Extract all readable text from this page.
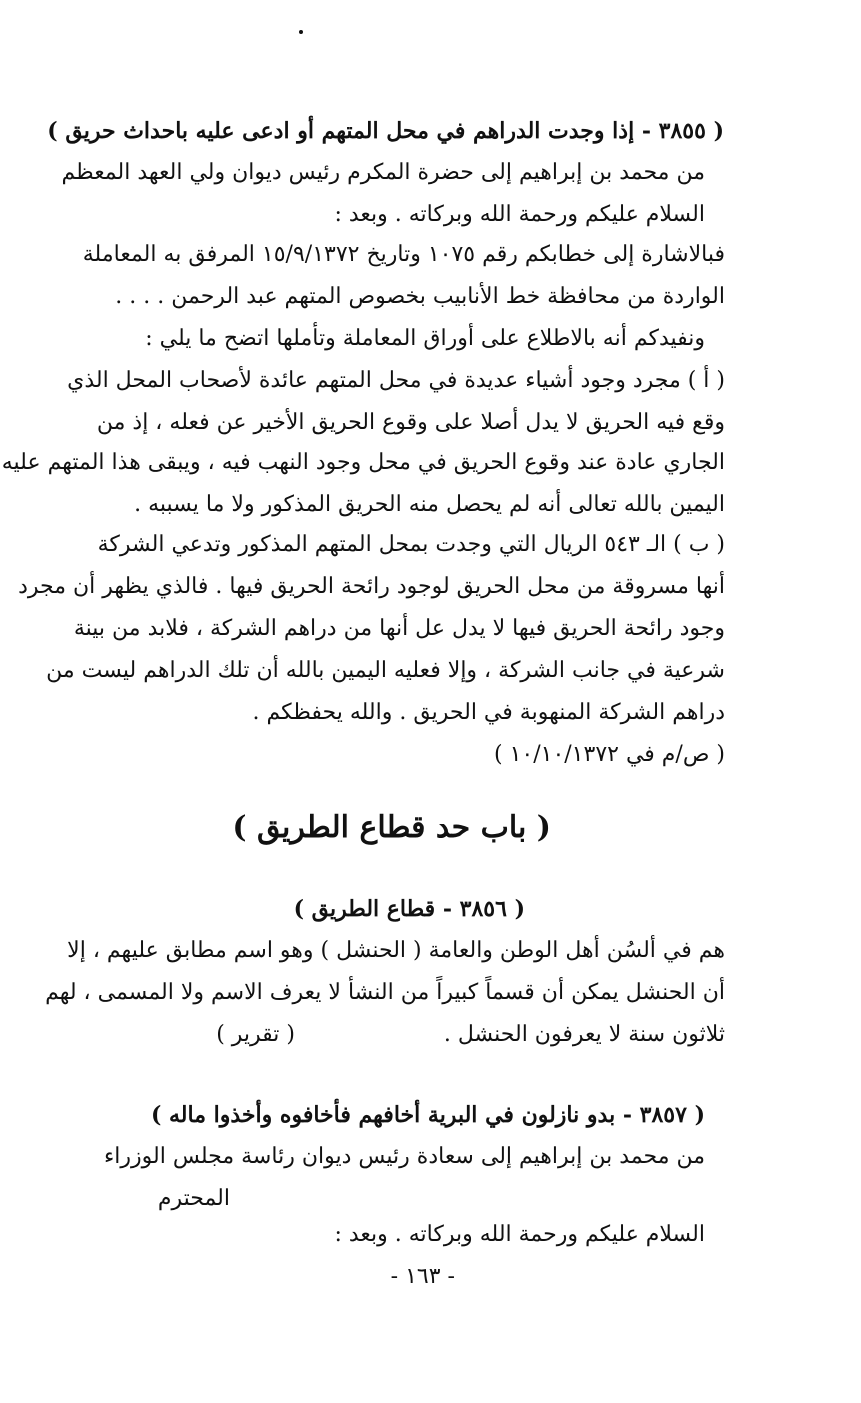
( ٣٨٥٥ - إذا وجدت الدراهم في محل المتهم أو ادعى عليه باحداث حريق )
من محمد بن إبراهيم إلى حضرة المكرم رئيس ديوان ولي العهد المعظم
السلام عليكم ورحمة الله وبركاته . وبعد :
فبالاشارة إلى خطابكم رقم ١٠٧٥ وتاريخ ١٥/٩/١٣٧٢ المرفق به المعاملة
الواردة من محافظة خط الأنابيب بخصوص المتهم عبد الرحمن . . . .
ونفيدكم أنه بالاطلاع على أوراق المعاملة وتأملها اتضح ما يلي :
( أ ) مجرد وجود أشياء عديدة في محل المتهم عائدة لأصحاب المحل الذي
وقع فيه الحريق لا يدل أصلا على وقوع الحريق الأخير عن فعله ، إذ من
الجاري عادة عند وقوع الحريق في محل وجود النهب فيه ، ويبقى هذا المتهم عليه
اليمين بالله تعالى أنه لم يحصل منه الحريق المذكور ولا ما يسببه .
( ب ) الـ ٥٤٣ الريال التي وجدت بمحل المتهم المذكور وتدعي الشركة
أنها مسروقة من محل الحريق لوجود رائحة الحريق فيها . فالذي يظهر أن مجرد
وجود رائحة الحريق فيها لا يدل عل أنها من دراهم الشركة ، فلابد من بينة
شرعية في جانب الشركة ، وإلا فعليه اليمين بالله أن تلك الدراهم ليست من
دراهم الشركة المنهوبة في الحريق . والله يحفظكم .
( ص/م في ١٠/١٠/١٣٧٢ )
( باب حد قطاع الطريق )
( ٣٨٥٦ - قطاع الطريق )
هم في ألسُن أهل الوطن والعامة ( الحنشل ) وهو اسم مطابق عليهم ، إلا
أن الحنشل يمكن أن قسماً كبيراً من النشأ لا يعرف الاسم ولا المسمى ، لهم
ثلاثون سنة لا يعرفون الحنشل .
( تقرير )
( ٣٨٥٧ - بدو نازلون في البرية أخافهم فأخافوه وأخذوا ماله )
من محمد بن إبراهيم إلى سعادة رئيس ديوان رئاسة مجلس الوزراء
المحترم
السلام عليكم ورحمة الله وبركاته . وبعد :
- ١٦٣ -
